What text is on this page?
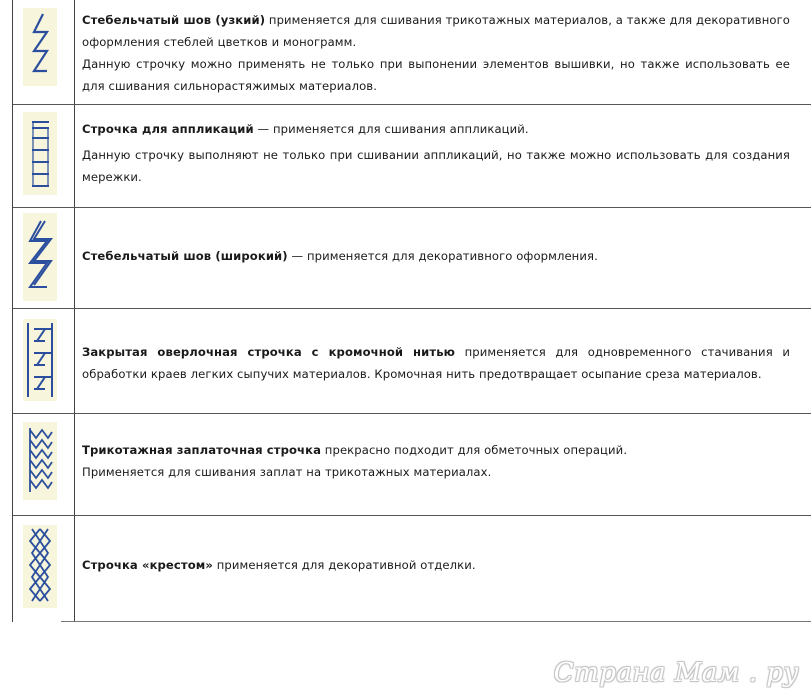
Стебельчатый шов (узкий) применяется для сшивания трикотажных материалов, а также для декоративного оформления стеблей цветков и монограмм.

Данную строчку можно применять не только при выпонении элементов вышивки, но также использовать ее для сшивания сильнорастяжимых материалов.

Строчка для аппликаций — применяется для сшивания аппликаций.

Данную строчку выполняют не только при сшивании аппликаций, но также можно использовать для создания мережки.

Стебельчатый шов (широкий) — применяется для декоративного оформления.

Закрытая оверлочная строчка с кромочной нитью применяется для одновременного стачивания и обработки краев легких сыпучих материалов. Кромочная нить предотвращает осыпание среза материалов.

Трикотажная заплаточная строчка прекрасно подходит для обметочных операций.

Применяется для сшивания заплат на трикотажных материалах.

Строчка «крестом» применяется для декоративной отделки.

Страна Мам . ру
